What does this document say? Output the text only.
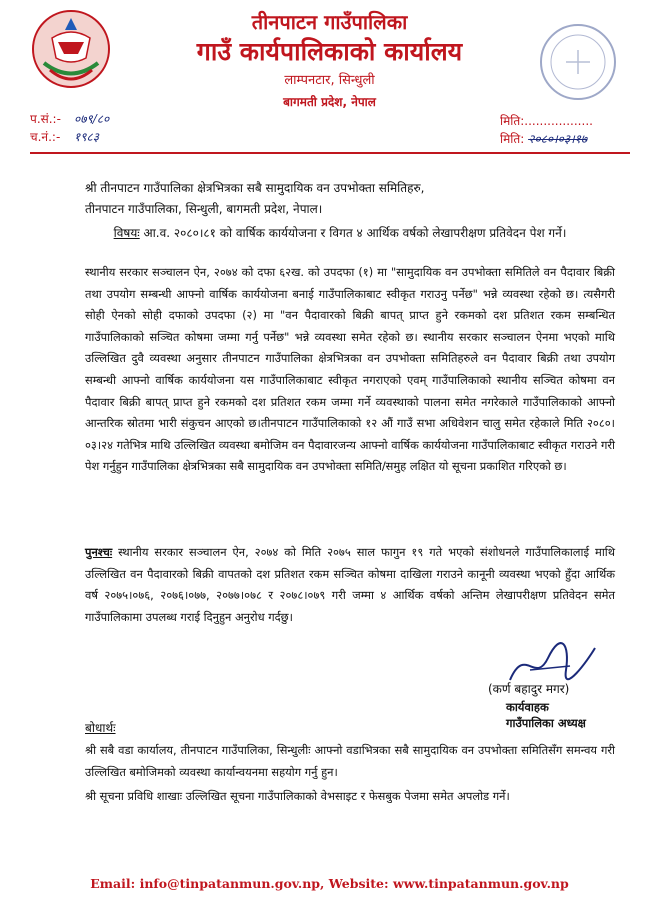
तीनपाटन गाउँपालिका
गाउँ कार्यपालिकाको कार्यालय
लाम्पनटार, सिन्धुली
बागमती प्रदेश, नेपाल
प.सं.:- ०७९/८०
च.नं.:- १९८३
मिति:..................
मिति: २०८०।०३।१७
श्री तीनपाटन गाउँपालिका क्षेत्रभित्रका सबै सामुदायिक वन उपभोक्ता समितिहरु,
तीनपाटन गाउँपालिका, सिन्धुली, बागमती प्रदेश, नेपाल।
विषयः आ.व. २०८०।८१ को वार्षिक कार्ययोजना र विगत ४ आर्थिक वर्षको लेखापरीक्षण प्रतिवेदन पेश गर्ने।
स्थानीय सरकार सञ्चालन ऐन, २०७४ को दफा ६२ख. को उपदफा (१) मा "सामुदायिक वन उपभोक्ता समितिले वन पैदावार बिक्री तथा उपयोग सम्बन्धी आफ्नो वार्षिक कार्ययोजना बनाई गाउँपालिकाबाट स्वीकृत गराउनु पर्नेछ" भन्ने व्यवस्था रहेको छ। त्यसैगरी सोही ऐनको सोही दफाको उपदफा (२) मा "वन पैदावारको बिक्री बापत् प्राप्त हुने रकमको दश प्रतिशत रकम सम्बन्धित गाउँपालिकाको सञ्चित कोषमा जम्मा गर्नु पर्नेछ" भन्ने व्यवस्था समेत रहेको छ। स्थानीय सरकार सञ्चालन ऐनमा भएको माथि उल्लिखित दुवै व्यवस्था अनुसार तीनपाटन गाउँपालिका क्षेत्रभित्रका वन उपभोक्ता समितिहरुले वन पैदावार बिक्री तथा उपयोग सम्बन्धी आफ्नो वार्षिक कार्ययोजना यस गाउँपालिकाबाट स्वीकृत नगराएको एवम् गाउँपालिकाको स्थानीय सञ्चित कोषमा वन पैदावार बिक्री बापत् प्राप्त हुने रकमको दश प्रतिशत रकम जम्मा गर्ने व्यवस्थाको पालना समेत नगरेकाले गाउँपालिकाको आफ्नो आन्तरिक स्रोतमा भारी संकुचन आएको छ।तीनपाटन गाउँपालिकाको १२ औं गाउँ सभा अधिवेशन चालु समेत रहेकाले मिति २०८०।०३।२४ गतेभित्र माथि उल्लिखित व्यवस्था बमोजिम वन पैदावारजन्य आफ्नो वार्षिक कार्ययोजना गाउँपालिकाबाट स्वीकृत गराउने गरी पेश गर्नुहुन गाउँपालिका क्षेत्रभित्रका सबै सामुदायिक वन उपभोक्ता समिति/समुह लक्षित यो सूचना प्रकाशित गरिएको छ।
पुनश्चः स्थानीय सरकार सञ्चालन ऐन, २०७४ को मिति २०७५ साल फागुन १९ गते भएको संशोधनले गाउँपालिकालाई माथि उल्लिखित वन पैदावारको बिक्री वापतको दश प्रतिशत रकम सञ्चित कोषमा दाखिला गराउने कानूनी व्यवस्था भएको हुँदा आर्थिक वर्ष २०७५।०७६, २०७६।०७७, २०७७।०७८ र २०७८।०७९ गरी जम्मा ४ आर्थिक वर्षको अन्तिम लेखापरीक्षण प्रतिवेदन समेत गाउँपालिकामा उपलब्ध गराई दिनुहुन अनुरोध गर्दछु।
(कर्ण बहादुर मगर)
कार्यवाहक
गाउँपालिका अध्यक्ष
बोधार्थः
श्री सबै वडा कार्यालय, तीनपाटन गाउँपालिका, सिन्धुलीः आफ्नो वडाभित्रका सबै सामुदायिक वन उपभोक्ता समितिसँग समन्वय गरी उल्लिखित बमोजिमको व्यवस्था कार्यान्वयनमा सहयोग गर्नु हुन।
श्री सूचना प्रविधि शाखाः उल्लिखित सूचना गाउँपालिकाको वेभसाइट र फेसबुक पेजमा समेत अपलोड गर्ने।
Email: info@tinpatanmun.gov.np, Website: www.tinpatanmun.gov.np
